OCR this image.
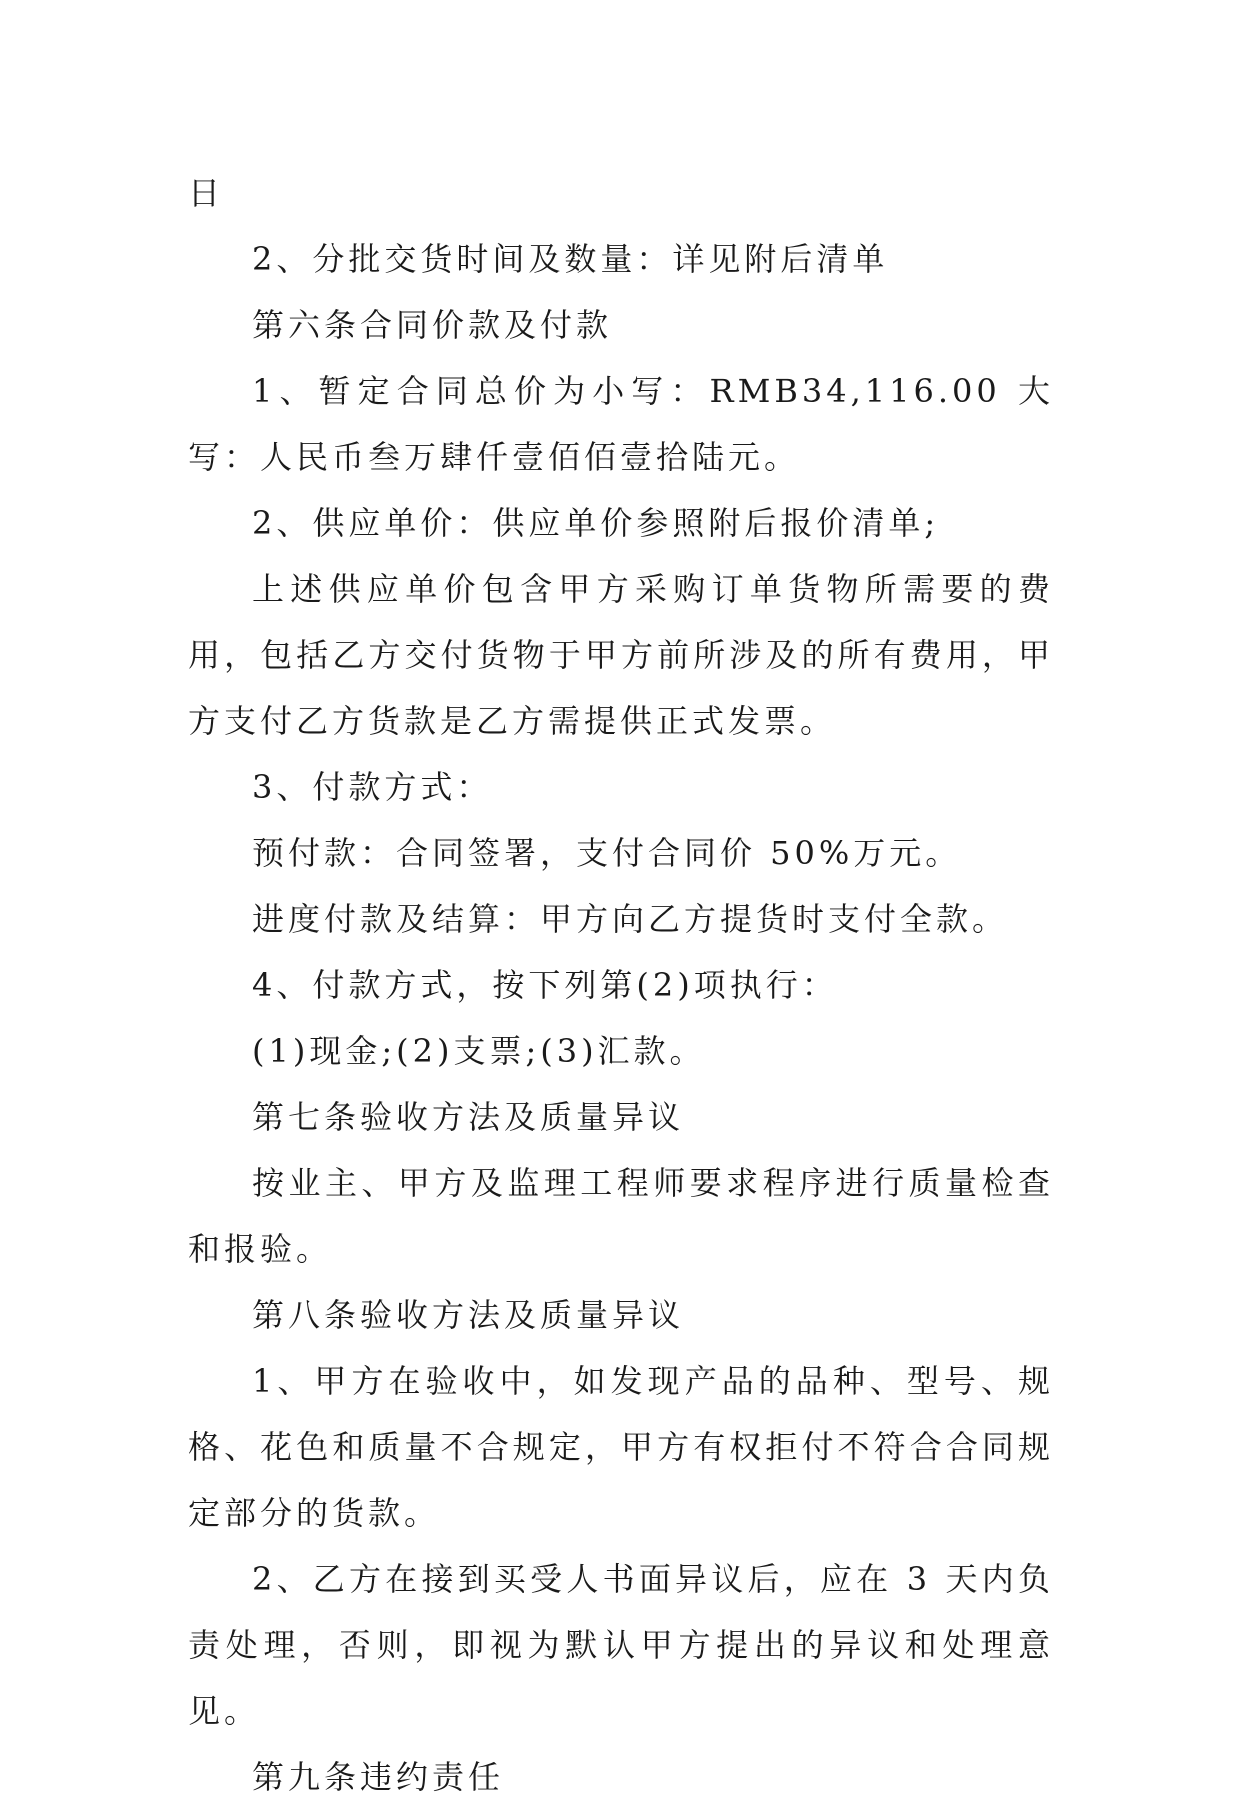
日

2、分批交货时间及数量：详见附后清单

第六条合同价款及付款

1、暂定合同总价为小写：RMB34,116.00 大写：人民币叁万肆仟壹佰佰壹拾陆元。

2、供应单价：供应单价参照附后报价清单;

上述供应单价包含甲方采购订单货物所需要的费用，包括乙方交付货物于甲方前所涉及的所有费用，甲方支付乙方货款是乙方需提供正式发票。

3、付款方式：

预付款：合同签署，支付合同价 50%万元。

进度付款及结算：甲方向乙方提货时支付全款。

4、付款方式，按下列第(2)项执行：

(1)现金;(2)支票;(3)汇款。

第七条验收方法及质量异议

按业主、甲方及监理工程师要求程序进行质量检查和报验。

第八条验收方法及质量异议

1、甲方在验收中，如发现产品的品种、型号、规格、花色和质量不合规定，甲方有权拒付不符合合同规定部分的货款。

2、乙方在接到买受人书面异议后，应在 3 天内负责处理，否则，即视为默认甲方提出的异议和处理意见。

第九条违约责任
